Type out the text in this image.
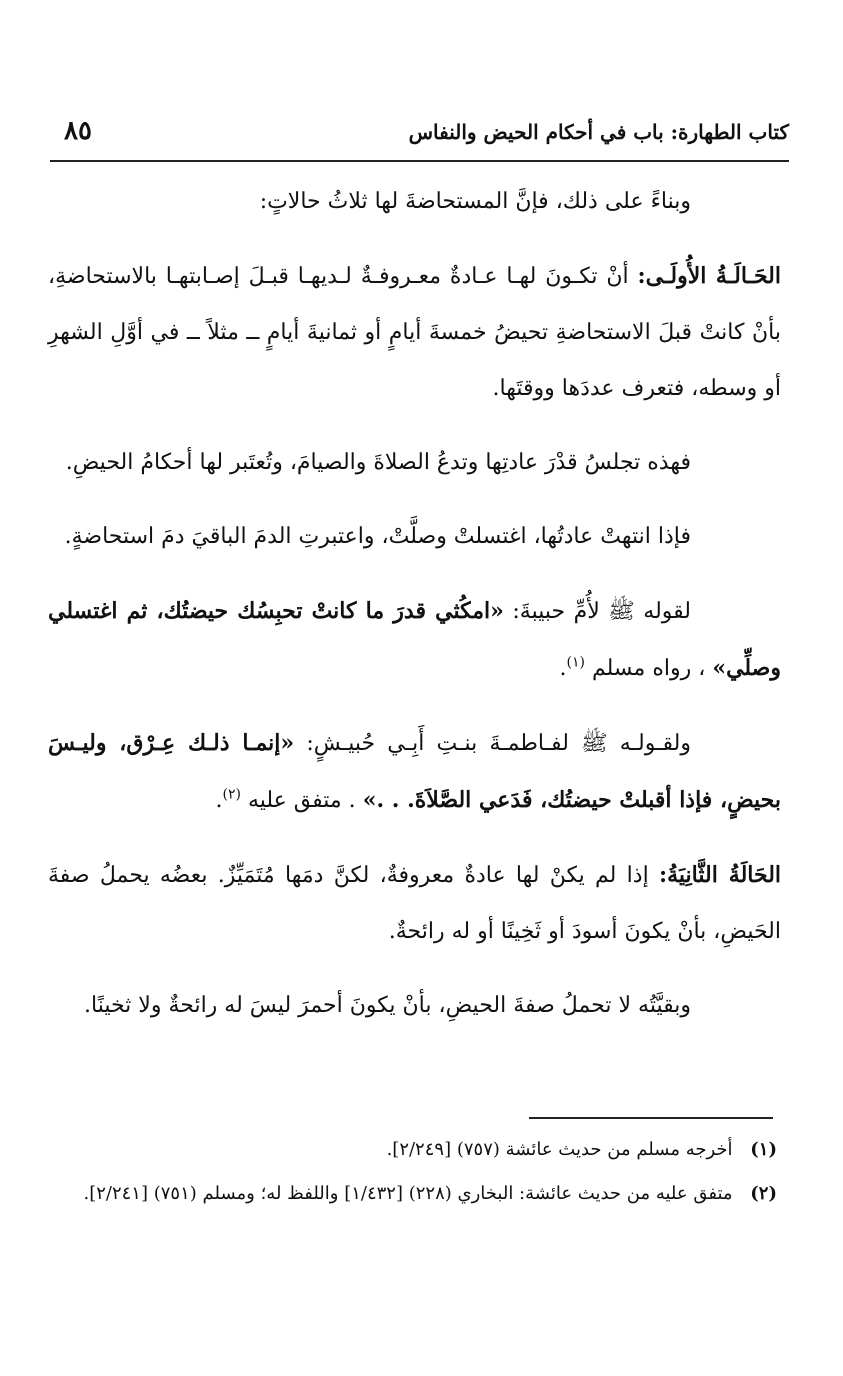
٨٥	كتاب الطهارة: باب في أحكام الحيض والنفاس

وبناءً على ذلك، فإنَّ المستحاضةَ لها ثلاثُ حالاتٍ:

الحَـالَـةُ الأُولَـى: أنْ تكـونَ لهـا عـادةٌ معـروفـةٌ لـديهـا قبـلَ إصـابتهـا بالاستحاضةِ، بأنْ كانتْ قبلَ الاستحاضةِ تحيضُ خمسةَ أيامٍ أو ثمانيةَ أيامٍ ــ مثلاً ــ في أوَّلِ الشهرِ أو وسطه، فتعرف عددَها ووقتَها.

فهذه تجلسُ قدْرَ عادتِها وتدعُ الصلاةَ والصيامَ، وتُعتَبر لها أحكامُ الحيضِ.

فإذا انتهتْ عادتُها، اغتسلتْ وصلَّتْ، واعتبرتِ الدمَ الباقيَ دمَ استحاضةٍ.

لقوله ﷺ لأُمِّ حبيبةَ: «امكُثي قدرَ ما كانتْ تحبِسُك حيضتُك، ثم اغتسلي وصلِّي» ، رواه مسلم $^{(١)}$.

ولقـولـه ﷺ لفـاطمـةَ بنـتِ أَبِـي حُبيـشٍ: «إنمـا ذلـك عِـرْق، وليـسَ بحيضٍ، فإذا أقبلتْ حيضتُك، فَدَعي الصَّلاَةَ. . .» . متفق عليه $^{(٢)}$.

الحَالَةُ الثَّانِيَةُ: إذا لم يكنْ لها عادةٌ معروفةٌ، لكنَّ دمَها مُتَمَيِّزٌ. بعضُه يحملُ صفةَ الحَيضِ، بأنْ يكونَ أسودَ أو ثَخِينًا أو له رائحةٌ.

وبقيَّتُه لا تحملُ صفةَ الحيضِ، بأنْ يكونَ أحمرَ ليسَ له رائحةٌ ولا ثخينًا.

(١) أخرجه مسلم من حديث عائشة (٧٥٧) [٢/٢٤٩].

(٢) متفق عليه من حديث عائشة: البخاري (٢٢٨) [١/٤٣٢] واللفظ له؛ ومسلم (٧٥١) [٢/٢٤١].
